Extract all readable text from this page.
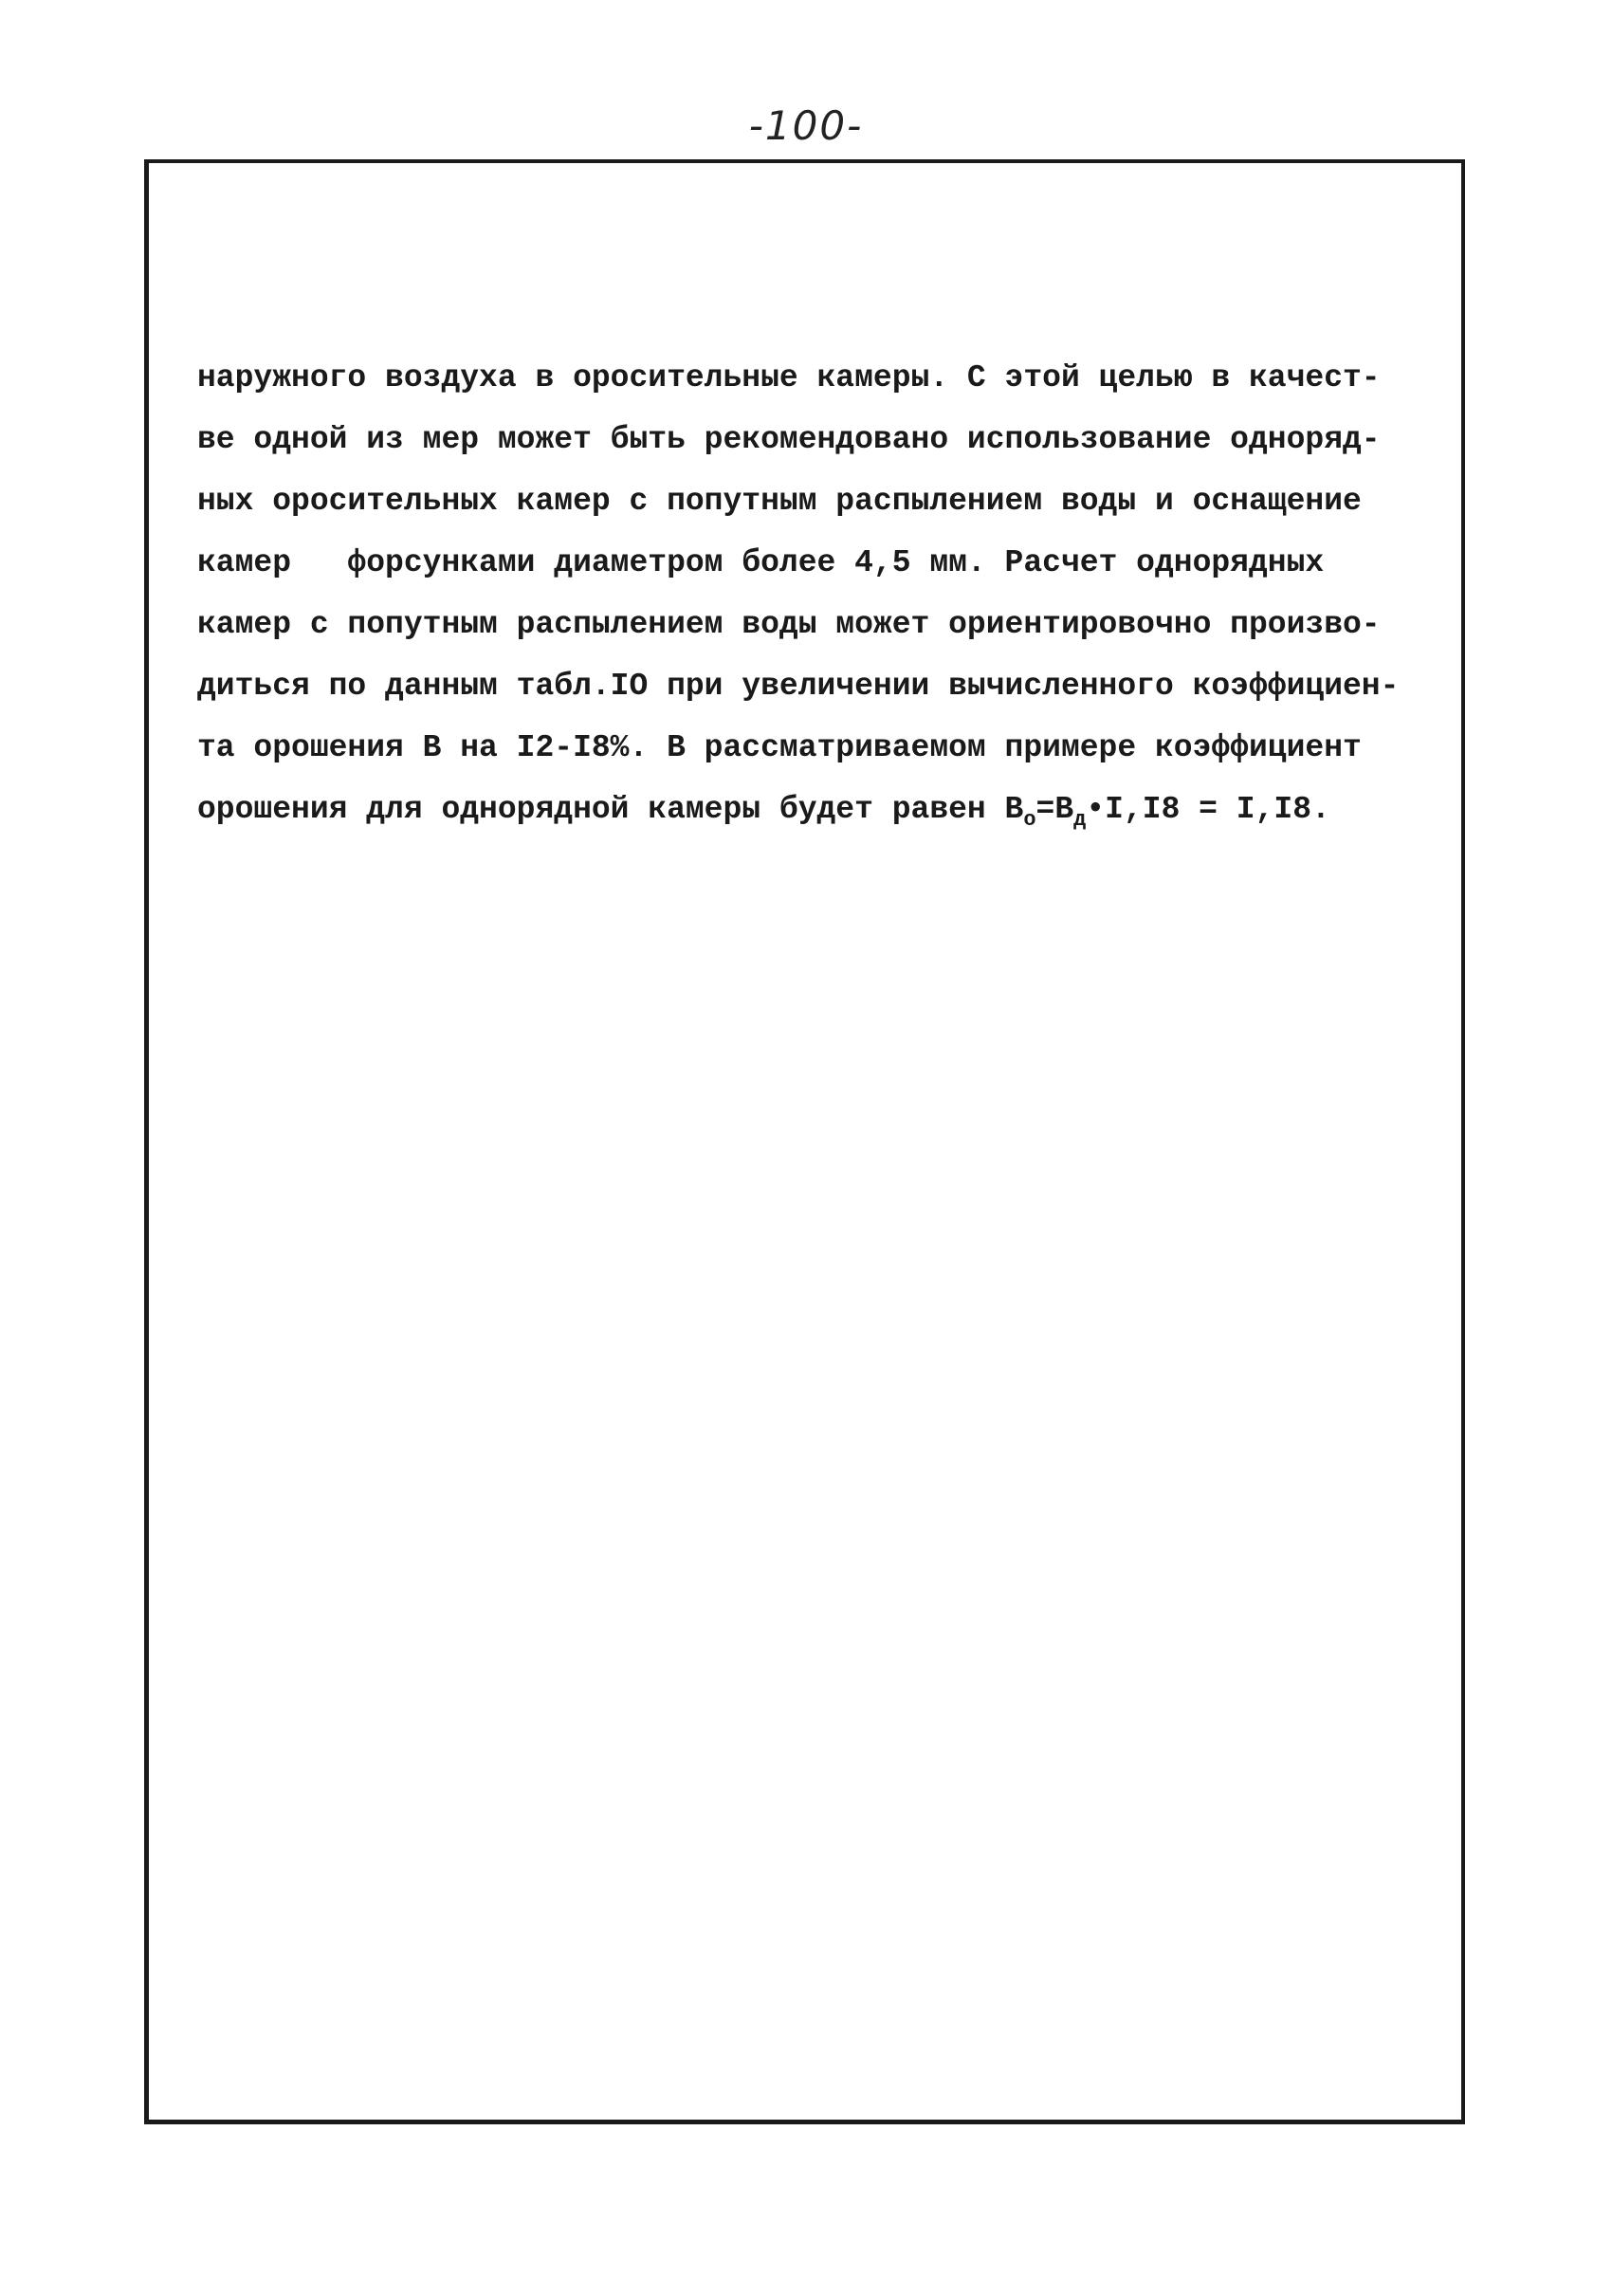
-100-
наружного воздуха в оросительные камеры. С этой целью в качест-
ве одной из мер может быть рекомендовано использование однoряд-
ных оросительных камер с попутным распылением воды и оснащение
камер   форсунками диаметром более 4,5 мм. Расчет однорядных
камер с попутным распылением воды может ориентировочно произво-
диться по данным табл.IO при увеличении вычисленного коэффициен-
та орошения В на I2-I8%. В рассматриваемом примере коэффициент
орошения для однорядной камеры будет равен $В_о=В_д•I,I8 = I,I8$.
